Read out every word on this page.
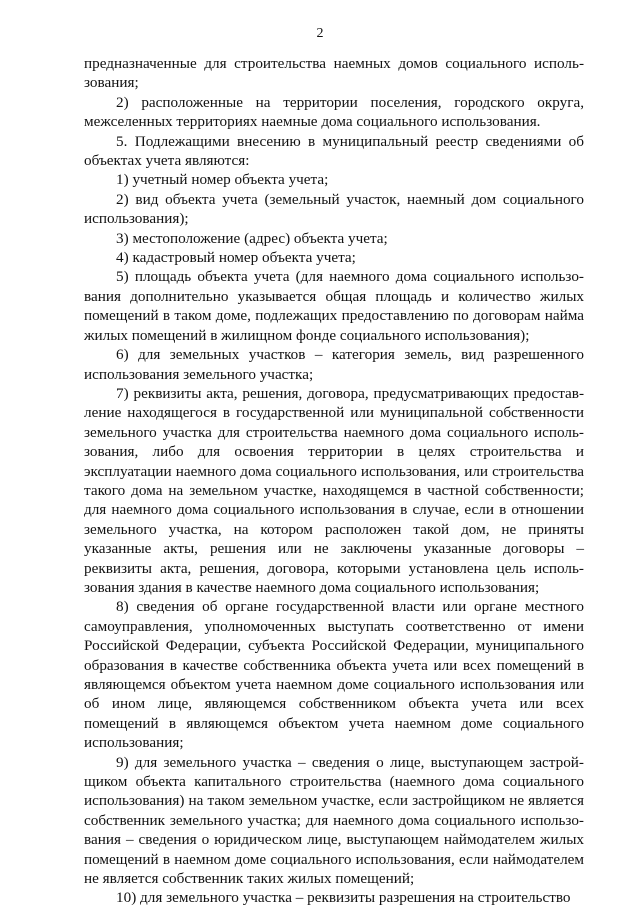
2

предназначенные для строительства наемных домов социального исполь-зования;

2) расположенные на территории поселения, городского округа, межселенных территориях наемные дома социального использования.

5. Подлежащими внесению в муниципальный реестр сведениями об объектах учета являются:

1) учетный номер объекта учета;

2) вид объекта учета (земельный участок, наемный дом социального использования);

3) местоположение (адрес) объекта учета;

4) кадастровый номер объекта учета;

5) площадь объекта учета (для наемного дома социального использо-вания дополнительно указывается общая площадь и количество жилых помещений в таком доме, подлежащих предоставлению по договорам найма жилых помещений в жилищном фонде социального использования);

6) для земельных участков – категория земель, вид разрешенного использования земельного участка;

7) реквизиты акта, решения, договора, предусматривающих предостав-ление находящегося в государственной или муниципальной собственности земельного участка для строительства наемного дома социального исполь-зования, либо для освоения территории в целях строительства и эксплуатации наемного дома социального использования, или строительства такого дома на земельном участке, находящемся в частной собственности; для наемного дома социального использования в случае, если в отношении земельного участка, на котором расположен такой дом, не приняты указанные акты, решения или не заключены указанные договоры – реквизиты акта, решения, договора, которыми установлена цель исполь-зования здания в качестве наемного дома социального использования;

8) сведения об органе государственной власти или органе местного самоуправления, уполномоченных выступать соответственно от имени Российской Федерации, субъекта Российской Федерации, муниципального образования в качестве собственника объекта учета или всех помещений в являющемся объектом учета наемном доме социального использования или об ином лице, являющемся собственником объекта учета или всех помещений в являющемся объектом учета наемном доме социального использования;

9) для земельного участка – сведения о лице, выступающем застрой-щиком объекта капитального строительства (наемного дома социального использования) на таком земельном участке, если застройщиком не является собственник земельного участка; для наемного дома социального использо-вания – сведения о юридическом лице, выступающем наймодателем жилых помещений в наемном доме социального использования, если наймодателем не является собственник таких жилых помещений;

10) для земельного участка – реквизиты разрешения на строительство
